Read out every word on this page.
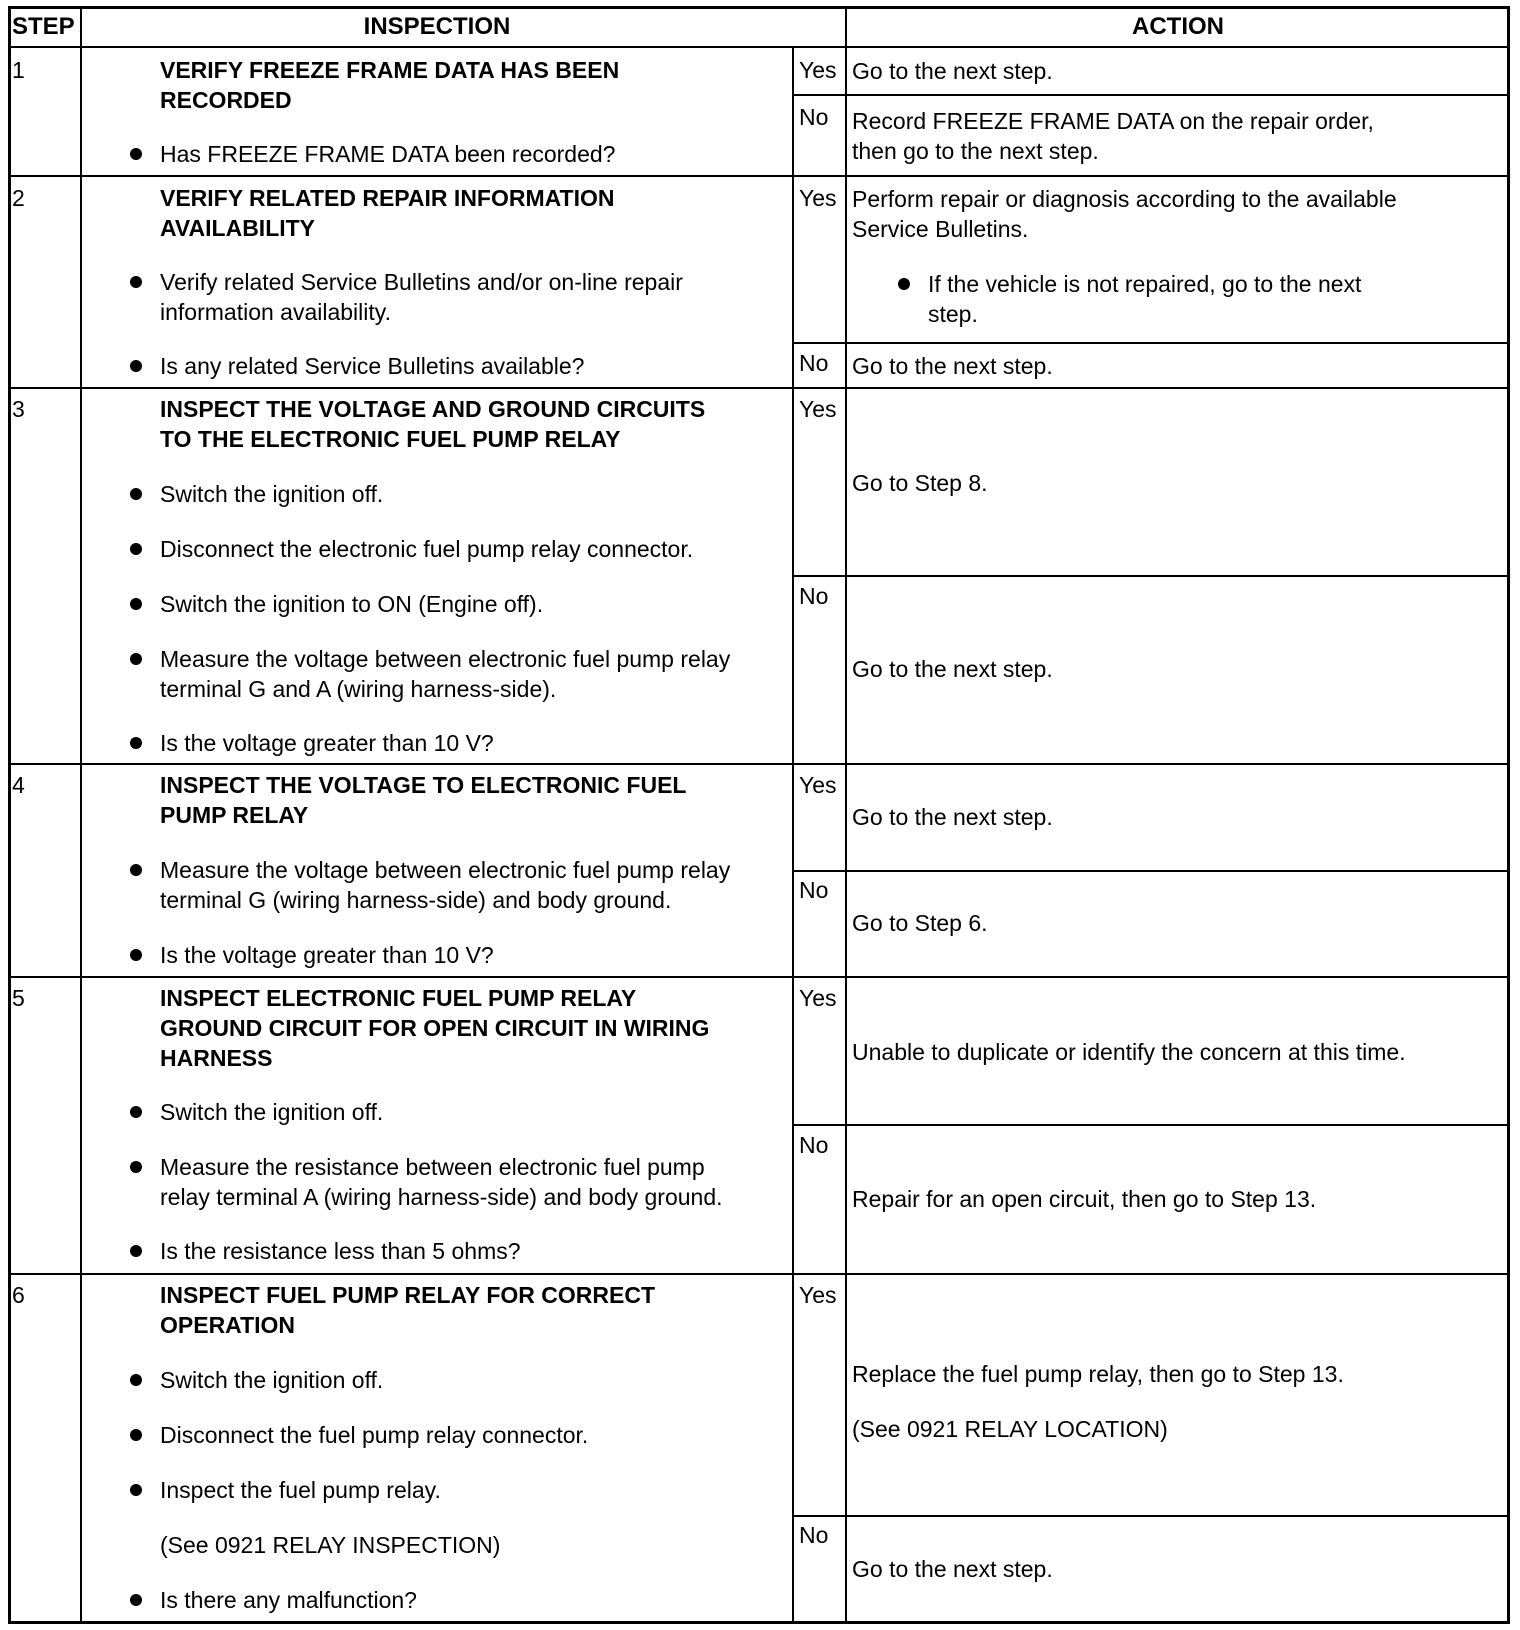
STEP	INSPECTION	ACTION
1	VERIFY FREEZE FRAME DATA HAS BEEN
RECORDED
Has FREEZE FRAME DATA been recorded?
Yes Go to the next step.
No Record FREEZE FRAME DATA on the repair order,
then go to the next step.
2	VERIFY RELATED REPAIR INFORMATION
AVAILABILITY
Verify related Service Bulletins and/or on-line repair
information availability.
Is any related Service Bulletins available?
Yes Perform repair or diagnosis according to the available
Service Bulletins.
If the vehicle is not repaired, go to the next
step.
No Go to the next step.
3	INSPECT THE VOLTAGE AND GROUND CIRCUITS
TO THE ELECTRONIC FUEL PUMP RELAY
Switch the ignition off.
Disconnect the electronic fuel pump relay connector.
Switch the ignition to ON (Engine off).
Measure the voltage between electronic fuel pump relay
terminal G and A (wiring harness-side).
Is the voltage greater than 10 V?
Yes
Go to Step 8.
No
Go to the next step.
4	INSPECT THE VOLTAGE TO ELECTRONIC FUEL
PUMP RELAY
Measure the voltage between electronic fuel pump relay
terminal G (wiring harness-side) and body ground.
Is the voltage greater than 10 V?
Yes
Go to the next step.
No
Go to Step 6.
5	INSPECT ELECTRONIC FUEL PUMP RELAY
GROUND CIRCUIT FOR OPEN CIRCUIT IN WIRING
HARNESS
Switch the ignition off.
Measure the resistance between electronic fuel pump
relay terminal A (wiring harness-side) and body ground.
Is the resistance less than 5 ohms?
Yes
Unable to duplicate or identify the concern at this time.
No
Repair for an open circuit, then go to Step 13.
6	INSPECT FUEL PUMP RELAY FOR CORRECT
OPERATION
Switch the ignition off.
Disconnect the fuel pump relay connector.
Inspect the fuel pump relay.
(See 0921 RELAY INSPECTION)
Is there any malfunction?
Yes
Replace the fuel pump relay, then go to Step 13.
(See 0921 RELAY LOCATION)
No
Go to the next step.
